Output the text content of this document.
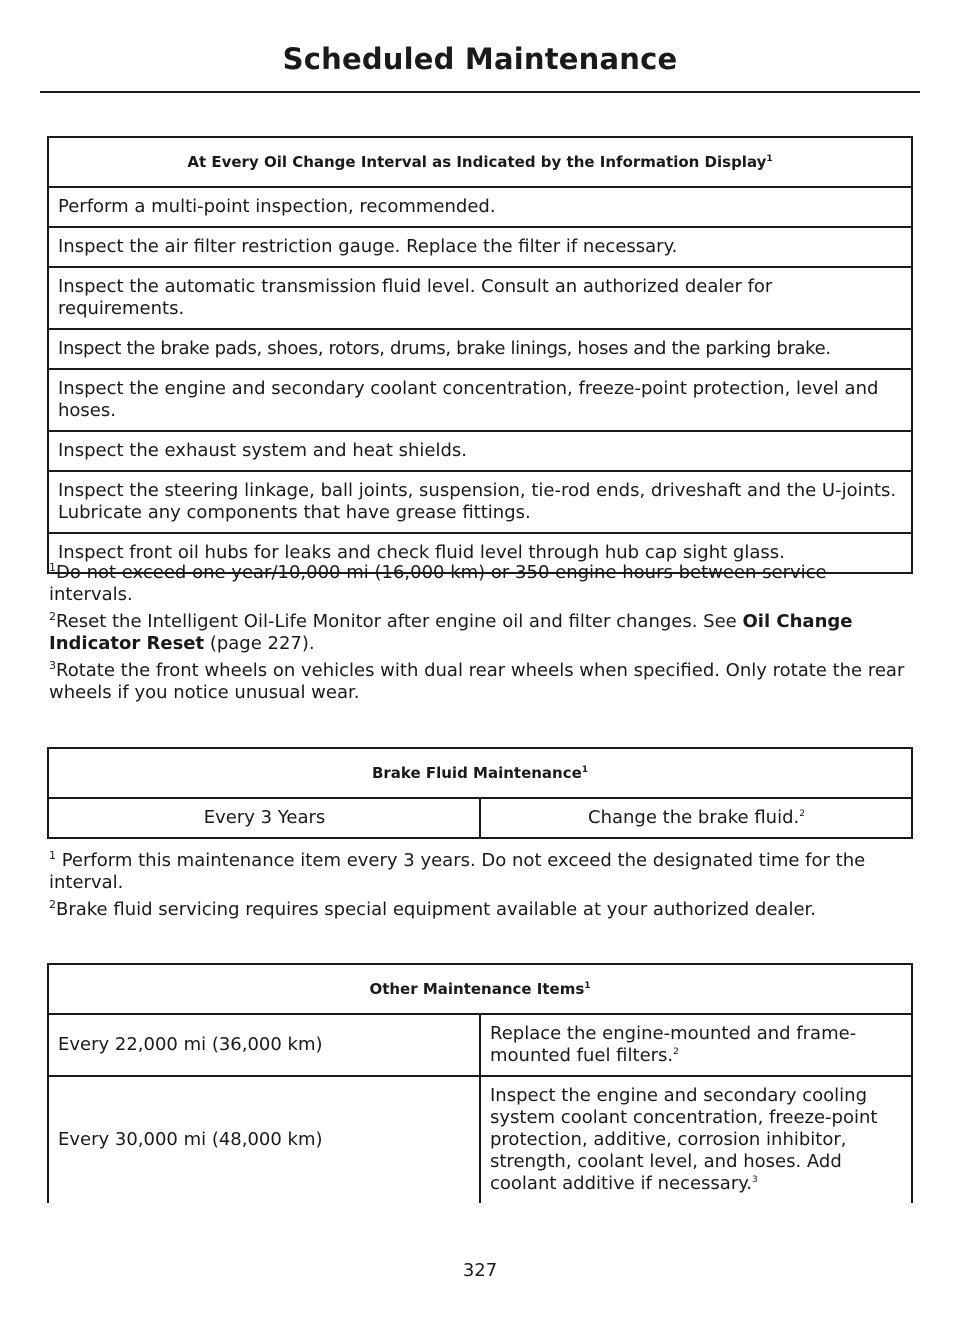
Scheduled Maintenance
At Every Oil Change Interval as Indicated by the Information Display$^1$
Perform a multi-point inspection, recommended.
Inspect the air filter restriction gauge. Replace the filter if necessary.
Inspect the automatic transmission fluid level. Consult an authorized dealer for requirements.
Inspect the brake pads, shoes, rotors, drums, brake linings, hoses and the parking brake.
Inspect the engine and secondary coolant concentration, freeze-point protection, level and hoses.
Inspect the exhaust system and heat shields.
Inspect the steering linkage, ball joints, suspension, tie-rod ends, driveshaft and the U-joints. Lubricate any components that have grease fittings.
Inspect front oil hubs for leaks and check fluid level through hub cap sight glass.

$^1$Do not exceed one year/10,000 mi (16,000 km) or 350 engine hours between service intervals.

$^2$Reset the Intelligent Oil-Life Monitor after engine oil and filter changes. See Oil Change Indicator Reset (page 227).

$^3$Rotate the front wheels on vehicles with dual rear wheels when specified. Only rotate the rear wheels if you notice unusual wear.

Brake Fluid Maintenance$^1$
Every 3 Years	Change the brake fluid.$^2$

$^1$ Perform this maintenance item every 3 years. Do not exceed the designated time for the interval.

$^2$Brake fluid servicing requires special equipment available at your authorized dealer.

Other Maintenance Items$^1$
Every 22,000 mi (36,000 km)	Replace the engine-mounted and frame-mounted fuel filters.$^2$
Every 30,000 mi (48,000 km)	Inspect the engine and secondary cooling system coolant concentration, freeze-point protection, additive, corrosion inhibitor, strength, coolant level, and hoses. Add coolant additive if necessary.$^3$
327
